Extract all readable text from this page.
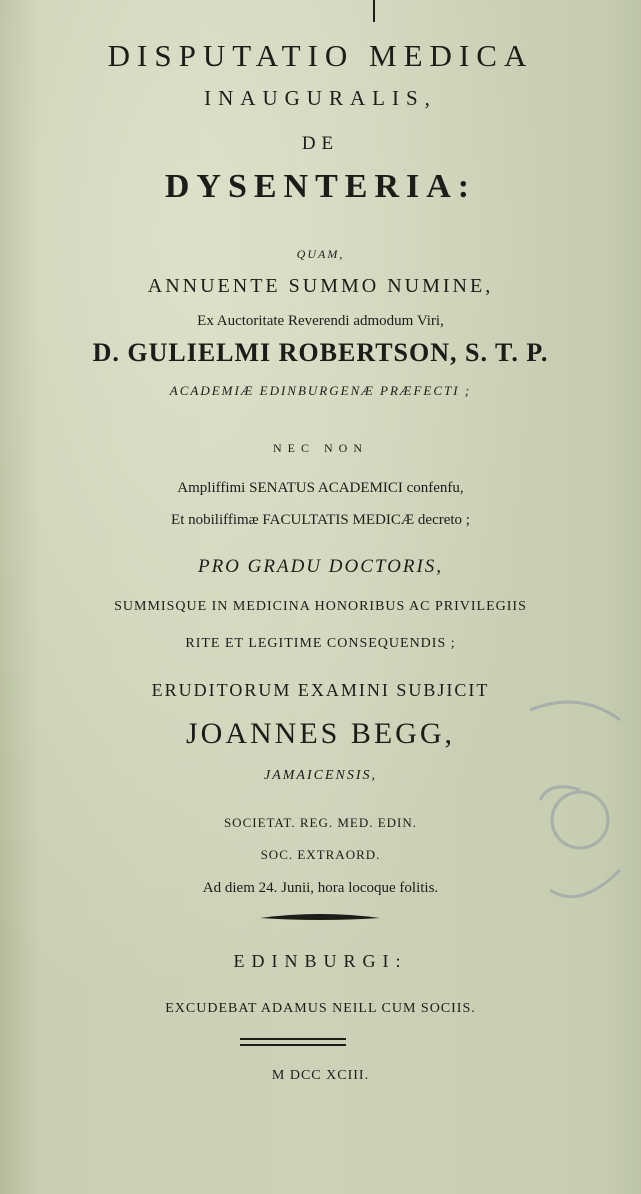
DISPUTATIO MEDICA
INAUGURALIS,
DE
DYSENTERIA:
QUAM,
ANNUENTE SUMMO NUMINE,
Ex Auctoritate Reverendi admodum Viri,
D. GULIELMI ROBERTSON, S. T. P.
ACADEMIÆ EDINBURGENÆ PRÆFECTI ;
NEC NON
Ampliffimi SENATUS ACADEMICI confenfu,
Et nobiliffimæ FACULTATIS MEDICÆ decreto ;
PRO GRADU DOCTORIS,
SUMMISQUE IN MEDICINA HONORIBUS AC PRIVILEGIIS
RITE ET LEGITIME CONSEQUENDIS ;
ERUDITORUM EXAMINI SUBJICIT
JOANNES BEGG,
JAMAICENSIS,
SOCIETAT. REG. MED. EDIN.
SOC. EXTRAORD.
Ad diem 24. Junii, hora locoque folitis.
EDINBURGI:
EXCUDEBAT ADAMUS NEILL CUM SOCIIS.
M DCC XCIII.
